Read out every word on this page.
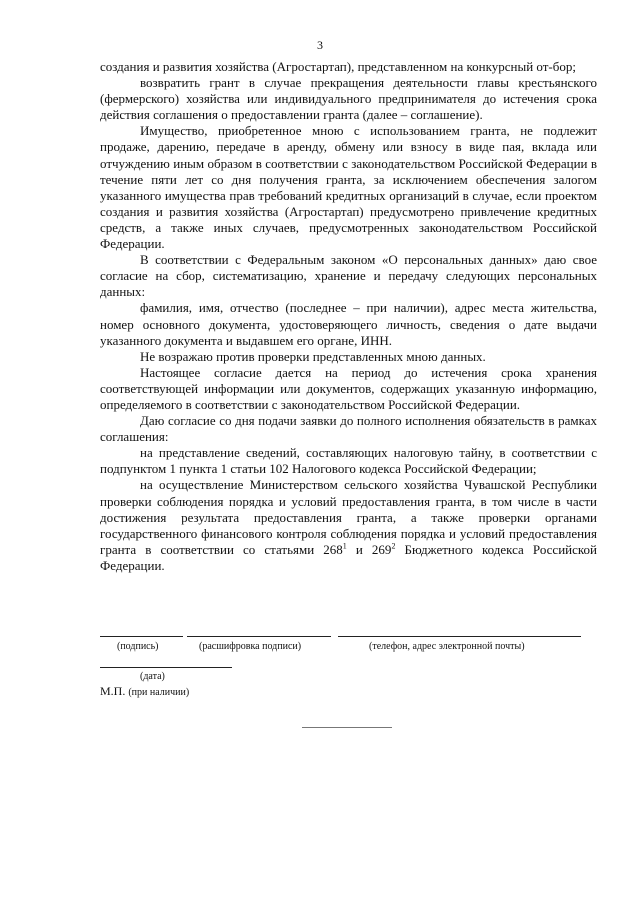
3

создания и развития хозяйства (Агростартап), представленном на конкурсный от-бор;

возвратить грант в случае прекращения деятельности главы крестьянского (фермерского) хозяйства или индивидуального предпринимателя до истечения срока действия соглашения о предоставлении гранта (далее – соглашение).

Имущество, приобретенное мною с использованием гранта, не подлежит продаже, дарению, передаче в аренду, обмену или взносу в виде пая, вклада или отчуждению иным образом в соответствии с законодательством Российской Федерации в течение пяти лет со дня получения гранта, за исключением обеспечения залогом указанного имущества прав требований кредитных организаций в случае, если проектом создания и развития хозяйства (Агростартап) предусмотрено привлечение кредитных средств, а также иных случаев, предусмотренных законодательством Российской Федерации.

В соответствии с Федеральным законом «О персональных данных» даю свое согласие на сбор, систематизацию, хранение и передачу следующих персональных данных:

фамилия, имя, отчество (последнее – при наличии), адрес места жительства, номер основного документа, удостоверяющего личность, сведения о дате выдачи указанного документа и выдавшем его органе, ИНН.

Не возражаю против проверки представленных мною данных.

Настоящее согласие дается на период до истечения срока хранения соответствующей информации или документов, содержащих указанную информацию, определяемого в соответствии с законодательством Российской Федерации.

Даю согласие со дня подачи заявки до полного исполнения обязательств в рамках соглашения:

на представление сведений, составляющих налоговую тайну, в соответствии с подпунктом 1 пункта 1 статьи 102 Налогового кодекса Российской Федерации;

на осуществление Министерством сельского хозяйства Чувашской Республики проверки соблюдения порядка и условий предоставления гранта, в том числе в части достижения результата предоставления гранта, а также проверки органами государственного финансового контроля соблюдения порядка и условий предоставления гранта в соответствии со статьями $268^1$ и $269^2$ Бюджетного кодекса Российской Федерации.

(подпись)	(расшифровка подписи)	(телефон, адрес электронной почты)
(дата)
М.П. (при наличии)
